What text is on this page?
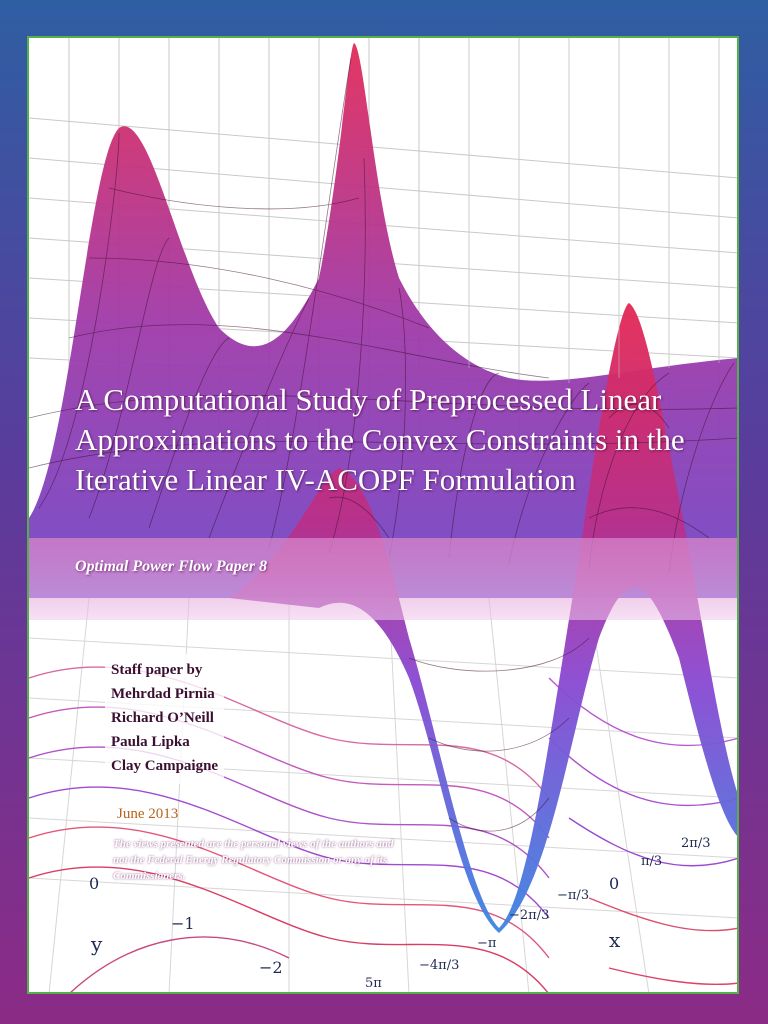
A Computational Study of Preprocessed Linear Approximations to the Convex Constraints in the Iterative Linear IV-ACOPF Formulation

Optimal Power Flow Paper 8

Staff paper by
Mehrdad Pirnia
Richard O’Neill
Paula Lipka
Clay Campaigne
June 2013
The views presented are the personal views of the authors and not the Federal Energy Regulatory Commission or any of its Commissioners.
0
−1
−2
y	−π
−2π/3
−π/3
0
π/3
2π/3
x
5π
−4π/3
